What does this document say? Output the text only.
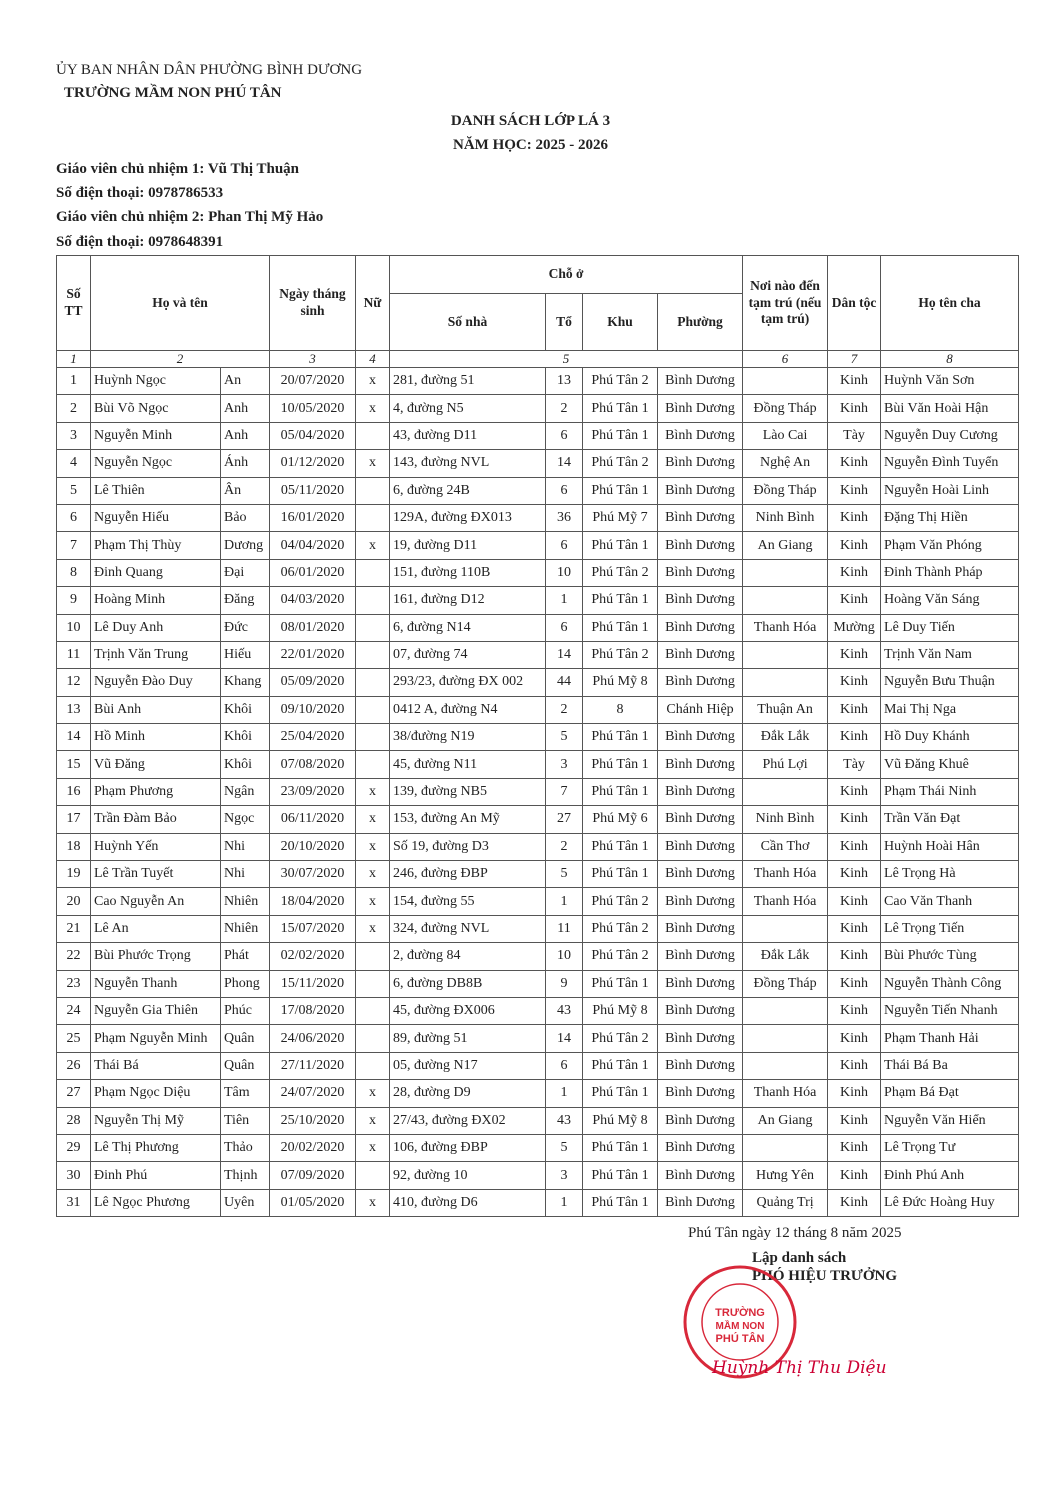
ỦY BAN NHÂN DÂN PHƯỜNG BÌNH DƯƠNG
TRƯỜNG MẦM NON PHÚ TÂN
DANH SÁCH LỚP LÁ 3
NĂM HỌC: 2025 - 2026
Giáo viên chủ nhiệm 1: Vũ Thị Thuận
Số điện thoại: 0978786533
Giáo viên chủ nhiệm 2: Phan Thị Mỹ Hảo
Số điện thoại: 0978648391
Số TT	Họ và tên		Ngày tháng sinh	Nữ	Chỗ ở				Nơi nào đến tạm trú (nếu tạm trú)	Dân tộc	Họ tên cha
					Số nhà	Tổ	Khu	Phường			
1	2		3	4	5				6	7	8
1	Huỳnh Ngọc	An	20/07/2020	x	281, đường 51	13	Phú Tân 2	Bình Dương		Kinh	Huỳnh Văn Sơn
2	Bùi Võ Ngọc	Anh	10/05/2020	x	4, đường N5	2	Phú Tân 1	Bình Dương	Đồng Tháp	Kinh	Bùi Văn Hoài Hận
3	Nguyễn Minh	Anh	05/04/2020		43, đường D11	6	Phú Tân 1	Bình Dương	Lào Cai	Tày	Nguyễn Duy Cương
4	Nguyễn Ngọc	Ánh	01/12/2020	x	143, đường NVL	14	Phú Tân 2	Bình Dương	Nghệ An	Kinh	Nguyễn Đình Tuyển
5	Lê Thiên	Ân	05/11/2020		6, đường 24B	6	Phú Tân 1	Bình Dương	Đồng Tháp	Kinh	Nguyễn Hoài Linh
6	Nguyễn Hiếu	Bảo	16/01/2020		129A, đường ĐX013	36	Phú Mỹ 7	Bình Dương	Ninh Bình	Kinh	Đặng Thị Hiền
7	Phạm Thị Thùy	Dương	04/04/2020	x	19, đường D11	6	Phú Tân 1	Bình Dương	An Giang	Kinh	Phạm Văn Phóng
8	Đinh Quang	Đại	06/01/2020		151, đường 110B	10	Phú Tân 2	Bình Dương		Kinh	Đinh Thành Pháp
9	Hoàng Minh	Đăng	04/03/2020		161, đường D12	1	Phú Tân 1	Bình Dương		Kinh	Hoàng Văn Sáng
10	Lê Duy Anh	Đức	08/01/2020		6, đường N14	6	Phú Tân 1	Bình Dương	Thanh Hóa	Mường	Lê Duy Tiến
11	Trịnh Văn Trung	Hiếu	22/01/2020		07, đường 74	14	Phú Tân 2	Bình Dương		Kinh	Trịnh Văn Nam
12	Nguyễn Đào Duy	Khang	05/09/2020		293/23, đường ĐX 002	44	Phú Mỹ 8	Bình Dương		Kinh	Nguyễn Bưu Thuận
13	Bùi Anh	Khôi	09/10/2020		0412 A, đường N4	2	8	Chánh Hiệp	Thuận An	Kinh	Mai Thị Nga
14	Hồ Minh	Khôi	25/04/2020		38/đường N19	5	Phú Tân 1	Bình Dương	Đắk Lắk	Kinh	Hồ Duy Khánh
15	Vũ Đăng	Khôi	07/08/2020		45, đường N11	3	Phú Tân 1	Bình Dương	Phú Lợi	Tày	Vũ Đăng Khuê
16	Phạm Phương	Ngân	23/09/2020	x	139, đường NB5	7	Phú Tân 1	Bình Dương		Kinh	Phạm Thái Ninh
17	Trần Đàm Bảo	Ngọc	06/11/2020	x	153, đường An Mỹ	27	Phú Mỹ 6	Bình Dương	Ninh Bình	Kinh	Trần Văn Đạt
18	Huỳnh Yến	Nhi	20/10/2020	x	Số 19, đường D3	2	Phú Tân 1	Bình Dương	Cần Thơ	Kinh	Huỳnh Hoài Hân
19	Lê Trần Tuyết	Nhi	30/07/2020	x	246, đường ĐBP	5	Phú Tân 1	Bình Dương	Thanh Hóa	Kinh	Lê Trọng Hà
20	Cao Nguyễn An	Nhiên	18/04/2020	x	154, đường 55	1	Phú Tân 2	Bình Dương	Thanh Hóa	Kinh	Cao Văn Thanh
21	Lê An	Nhiên	15/07/2020	x	324, đường NVL	11	Phú Tân 2	Bình Dương		Kinh	Lê Trọng Tiến
22	Bùi Phước Trọng	Phát	02/02/2020		2, đường 84	10	Phú Tân 2	Bình Dương	Đắk Lắk	Kinh	Bùi Phước Tùng
23	Nguyễn Thanh	Phong	15/11/2020		6, đường DB8B	9	Phú Tân 1	Bình Dương	Đồng Tháp	Kinh	Nguyễn Thành Công
24	Nguyễn Gia Thiên	Phúc	17/08/2020		45, đường ĐX006	43	Phú Mỹ 8	Bình Dương		Kinh	Nguyễn Tiến Nhanh
25	Phạm Nguyễn Minh	Quân	24/06/2020		89, đường 51	14	Phú Tân 2	Bình Dương		Kinh	Phạm Thanh Hải
26	Thái Bá	Quân	27/11/2020		05, đường N17	6	Phú Tân 1	Bình Dương		Kinh	Thái Bá Ba
27	Phạm Ngọc Diệu	Tâm	24/07/2020	x	28, đường D9	1	Phú Tân 1	Bình Dương	Thanh Hóa	Kinh	Phạm Bá Đạt
28	Nguyễn Thị Mỹ	Tiên	25/10/2020	x	27/43, đường ĐX02	43	Phú Mỹ 8	Bình Dương	An Giang	Kinh	Nguyễn Văn Hiển
29	Lê Thị Phương	Thảo	20/02/2020	x	106, đường ĐBP	5	Phú Tân 1	Bình Dương		Kinh	Lê Trọng Tư
30	Đinh Phú	Thịnh	07/09/2020		92, đường 10	3	Phú Tân 1	Bình Dương	Hưng Yên	Kinh	Đinh Phú Anh
31	Lê Ngọc Phương	Uyên	01/05/2020	x	410, đường D6	1	Phú Tân 1	Bình Dương	Quảng Trị	Kinh	Lê Đức Hoàng Huy
Phú Tân ngày 12 tháng 8 năm 2025
Lập danh sách
PHÓ HIỆU TRƯỞNG
TRƯỜNG
MẦM NON
PHÚ TÂN
Huỳnh Thị Thu Diệu
